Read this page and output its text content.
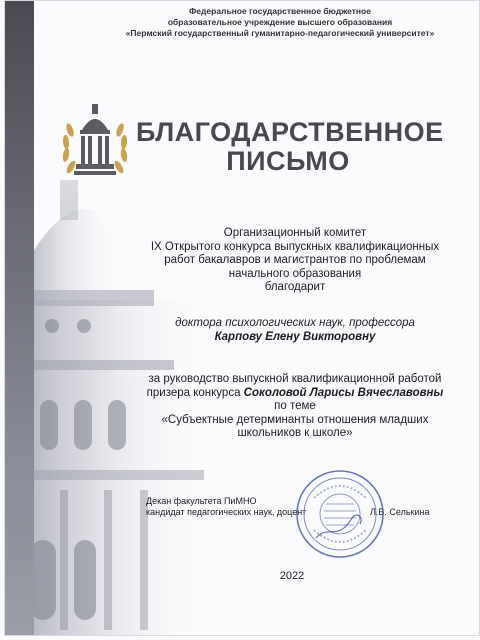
Федеральное государственное бюджетное
образовательное учреждение высшего образования
«Пермский государственный гуманитарно-педагогический университет»
БЛАГОДАРСТВЕННОЕ
ПИСЬМО
Организационный комитет
IX Открытого конкурса выпускных квалификационных
работ бакалавров и магистрантов по проблемам
начального образования
благодарит
доктора психологических наук, профессора
Карпову Елену Викторовну
за руководство выпускной квалификационной работой
призера конкурса Соколовой Ларисы Вячеславовны
по теме
«Субъектные детерминанты отношения младших
школьников к школе»
Декан факультета ПиМНО
кандидат педагогических наук, доцент	Л.В. Селькина
2022
